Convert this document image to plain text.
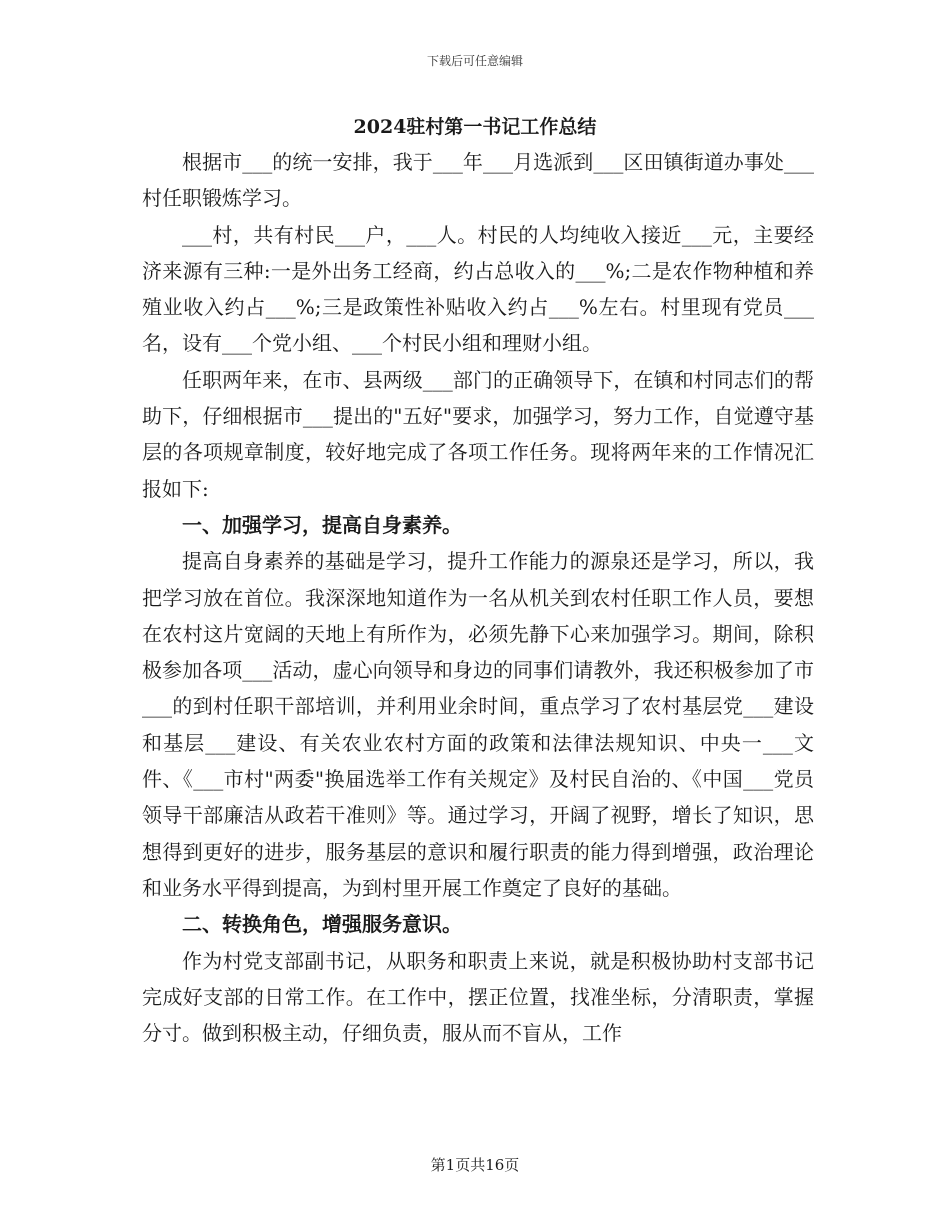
下载后可任意编辑
2024驻村第一书记工作总结

根据市___的统一安排，我于___年___月选派到___区田镇街道办事处___村任职锻炼学习。

___村，共有村民___户，___人。村民的人均纯收入接近___元，主要经济来源有三种:一是外出务工经商，约占总收入的___%;二是农作物种植和养殖业收入约占___%;三是政策性补贴收入约占___%左右。村里现有党员___名，设有___个党小组、___个村民小组和理财小组。

任职两年来，在市、县两级___部门的正确领导下，在镇和村同志们的帮助下，仔细根据市___提出的"五好"要求，加强学习，努力工作，自觉遵守基层的各项规章制度，较好地完成了各项工作任务。现将两年来的工作情况汇报如下:

一、加强学习，提高自身素养。

提高自身素养的基础是学习，提升工作能力的源泉还是学习，所以，我把学习放在首位。我深深地知道作为一名从机关到农村任职工作人员，要想在农村这片宽阔的天地上有所作为，必须先静下心来加强学习。期间，除积极参加各项___活动，虚心向领导和身边的同事们请教外，我还积极参加了市___的到村任职干部培训，并利用业余时间，重点学习了农村基层党___建设和基层___建设、有关农业农村方面的政策和法律法规知识、中央一___文件、《___市村"两委"换届选举工作有关规定》及村民自治的、《中国___党员领导干部廉洁从政若干准则》等。通过学习，开阔了视野，增长了知识，思想得到更好的进步，服务基层的意识和履行职责的能力得到增强，政治理论和业务水平得到提高，为到村里开展工作奠定了良好的基础。

二、转换角色，增强服务意识。

作为村党支部副书记，从职务和职责上来说，就是积极协助村支部书记完成好支部的日常工作。在工作中，摆正位置，找准坐标，分清职责，掌握分寸。做到积极主动，仔细负责，服从而不盲从，工作

第1页共16页
